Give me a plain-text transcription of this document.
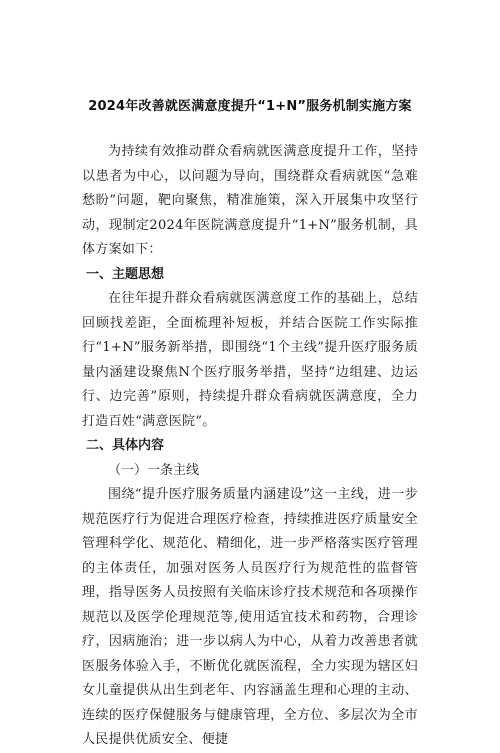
2024年改善就医满意度提升“1+N”服务机制实施方案

为持续有效推动群众看病就医满意度提升工作，坚持以患者为中心，以问题为导向，围绕群众看病就医“急难愁盼”问题，靶向聚焦，精准施策，深入开展集中攻坚行动，现制定2024年医院满意度提升“1+N”服务机制，具体方案如下：

一、主题思想

在往年提升群众看病就医满意度工作的基础上，总结回顾找差距，全面梳理补短板，并结合医院工作实际推行“1+N”服务新举措，即围绕“1个主线”提升医疗服务质量内涵建设聚焦N个医疗服务举措，坚持“边组建、边运行、边完善”原则，持续提升群众看病就医满意度，全力打造百姓“满意医院”。

二、具体内容

（一）一条主线

围绕“提升医疗服务质量内涵建设”这一主线，进一步规范医疗行为促进合理医疗检查，持续推进医疗质量安全管理科学化、规范化、精细化，进一步严格落实医疗管理的主体责任，加强对医务人员医疗行为规范性的监督管理，指导医务人员按照有关临床诊疗技术规范和各项操作规范以及医学伦理规范等,使用适宜技术和药物，合理诊疗，因病施治；进一步以病人为中心，从着力改善患者就医服务体验入手，不断优化就医流程，全力实现为辖区妇女儿童提供从出生到老年、内容涵盖生理和心理的主动、连续的医疗保健服务与健康管理，全方位、多层次为全市人民提供优质安全、便捷
